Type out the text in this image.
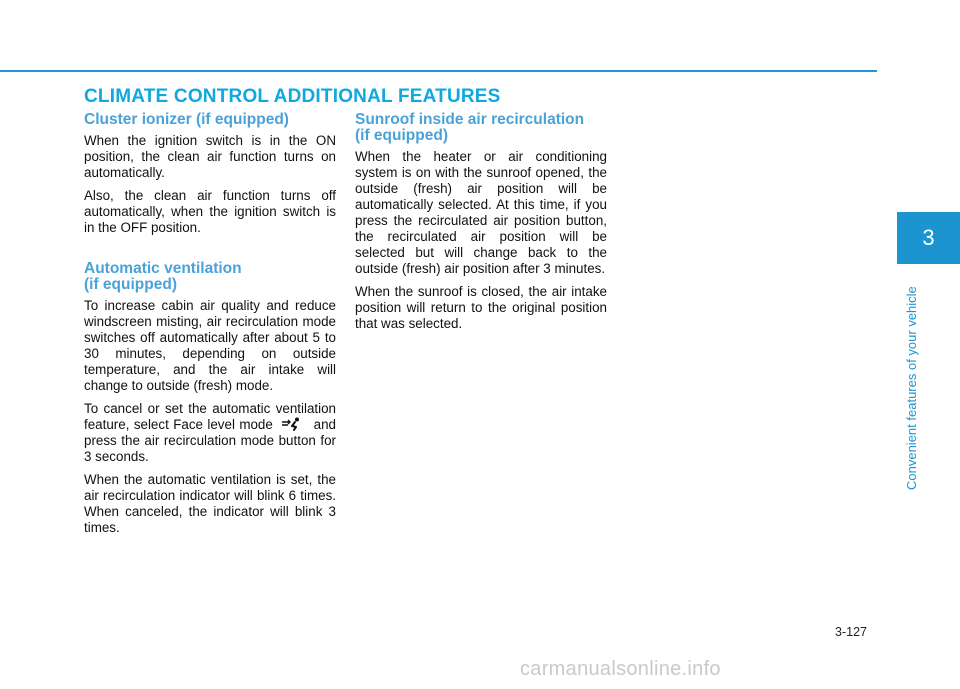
CLIMATE CONTROL ADDITIONAL FEATURES
Cluster ionizer (if equipped)

When the ignition switch is in the ON position, the clean air function turns on automatically.

Also, the clean air function turns off automatically, when the ignition switch is in the OFF position.

Automatic ventilation
(if equipped)

To increase cabin air quality and reduce windscreen misting, air recirculation mode switches off automatically after about 5 to 30 minutes, depending on outside temperature, and the air intake will change to outside (fresh) mode.

To cancel or set the automatic ventilation feature, select Face level mode	and press the air recirculation mode button for 3 seconds.

When the automatic ventilation is set, the air recirculation indicator will blink 6 times. When canceled, the indicator will blink 3 times.

Sunroof inside air recirculation
(if equipped)

When the heater or air conditioning system is on with the sunroof opened, the outside (fresh) air position will be automatically selected. At this time, if you press the recirculated air position button, the recirculated air position will be selected but will change back to the outside (fresh) air position after 3 minutes.

When the sunroof is closed, the air intake position will return to the original position that was selected.

3
Convenient features of your vehicle
3-127
carmanualsonline.info
